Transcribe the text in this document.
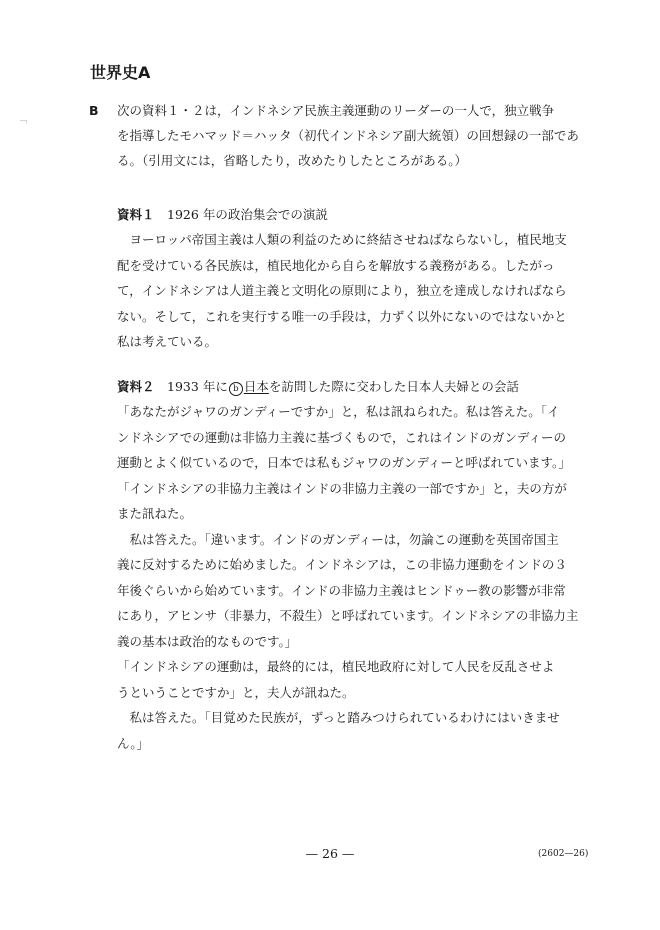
¬
世界史A
B 次の資料１・２は，インドネシア民族主義運動のリーダーの一人で，独立戦争
を指導したモハマッド＝ハッタ（初代インドネシア副大統領）の回想録の一部であ
る。（引用文には，省略したり，改めたりしたところがある。）
資料１　 1926 年の政治集会での演説
　ヨーロッパ帝国主義は人類の利益のために終結させねばならないし，植民地支
配を受けている各民族は，植民地化から自らを解放する義務がある。したがっ
て，インドネシアは人道主義と文明化の原則により，独立を達成しなければなら
ない。そして，これを実行する唯一の手段は，力ずく以外にないのではないかと
私は考えている。
資料２　 1933 年に b 日本を訪問した際に交わした日本人夫婦との会話
「あなたがジャワのガンディーですか」と，私は
訊ねられた。私は答えた。「イ
ンドネシアでの運動は非協力主義に基づくもので，これはインドのガンディーの
運動とよく似ているので，日本では私もジャワのガンディーと呼ばれています。」
「インドネシアの非協力主義はインドの非協力主義の一部ですか」と，夫の方が
また訊ねた。
　私は答えた。「違います。インドのガンディーは，
勿論この運動を英国帝国主
義に反対するために始めました。インドネシアは，この非協力運動をインドの３
年後ぐらいから始めています。インドの非協力主義はヒンドゥー教の影響が非常
にあり，アヒンサ（非暴力，不殺生）と呼ばれています。インドネシアの非協力主
義の基本は政治的なものです。」
「インドネシアの運動は，最終的には，植民地政府に対して人民を反乱させよ
うということですか」と，夫人が訊ねた。
　私は答えた。「目覚めた民族が，ずっと踏みつけられているわけにはいきませ
ん。」
— 26 —	(2602—26)
